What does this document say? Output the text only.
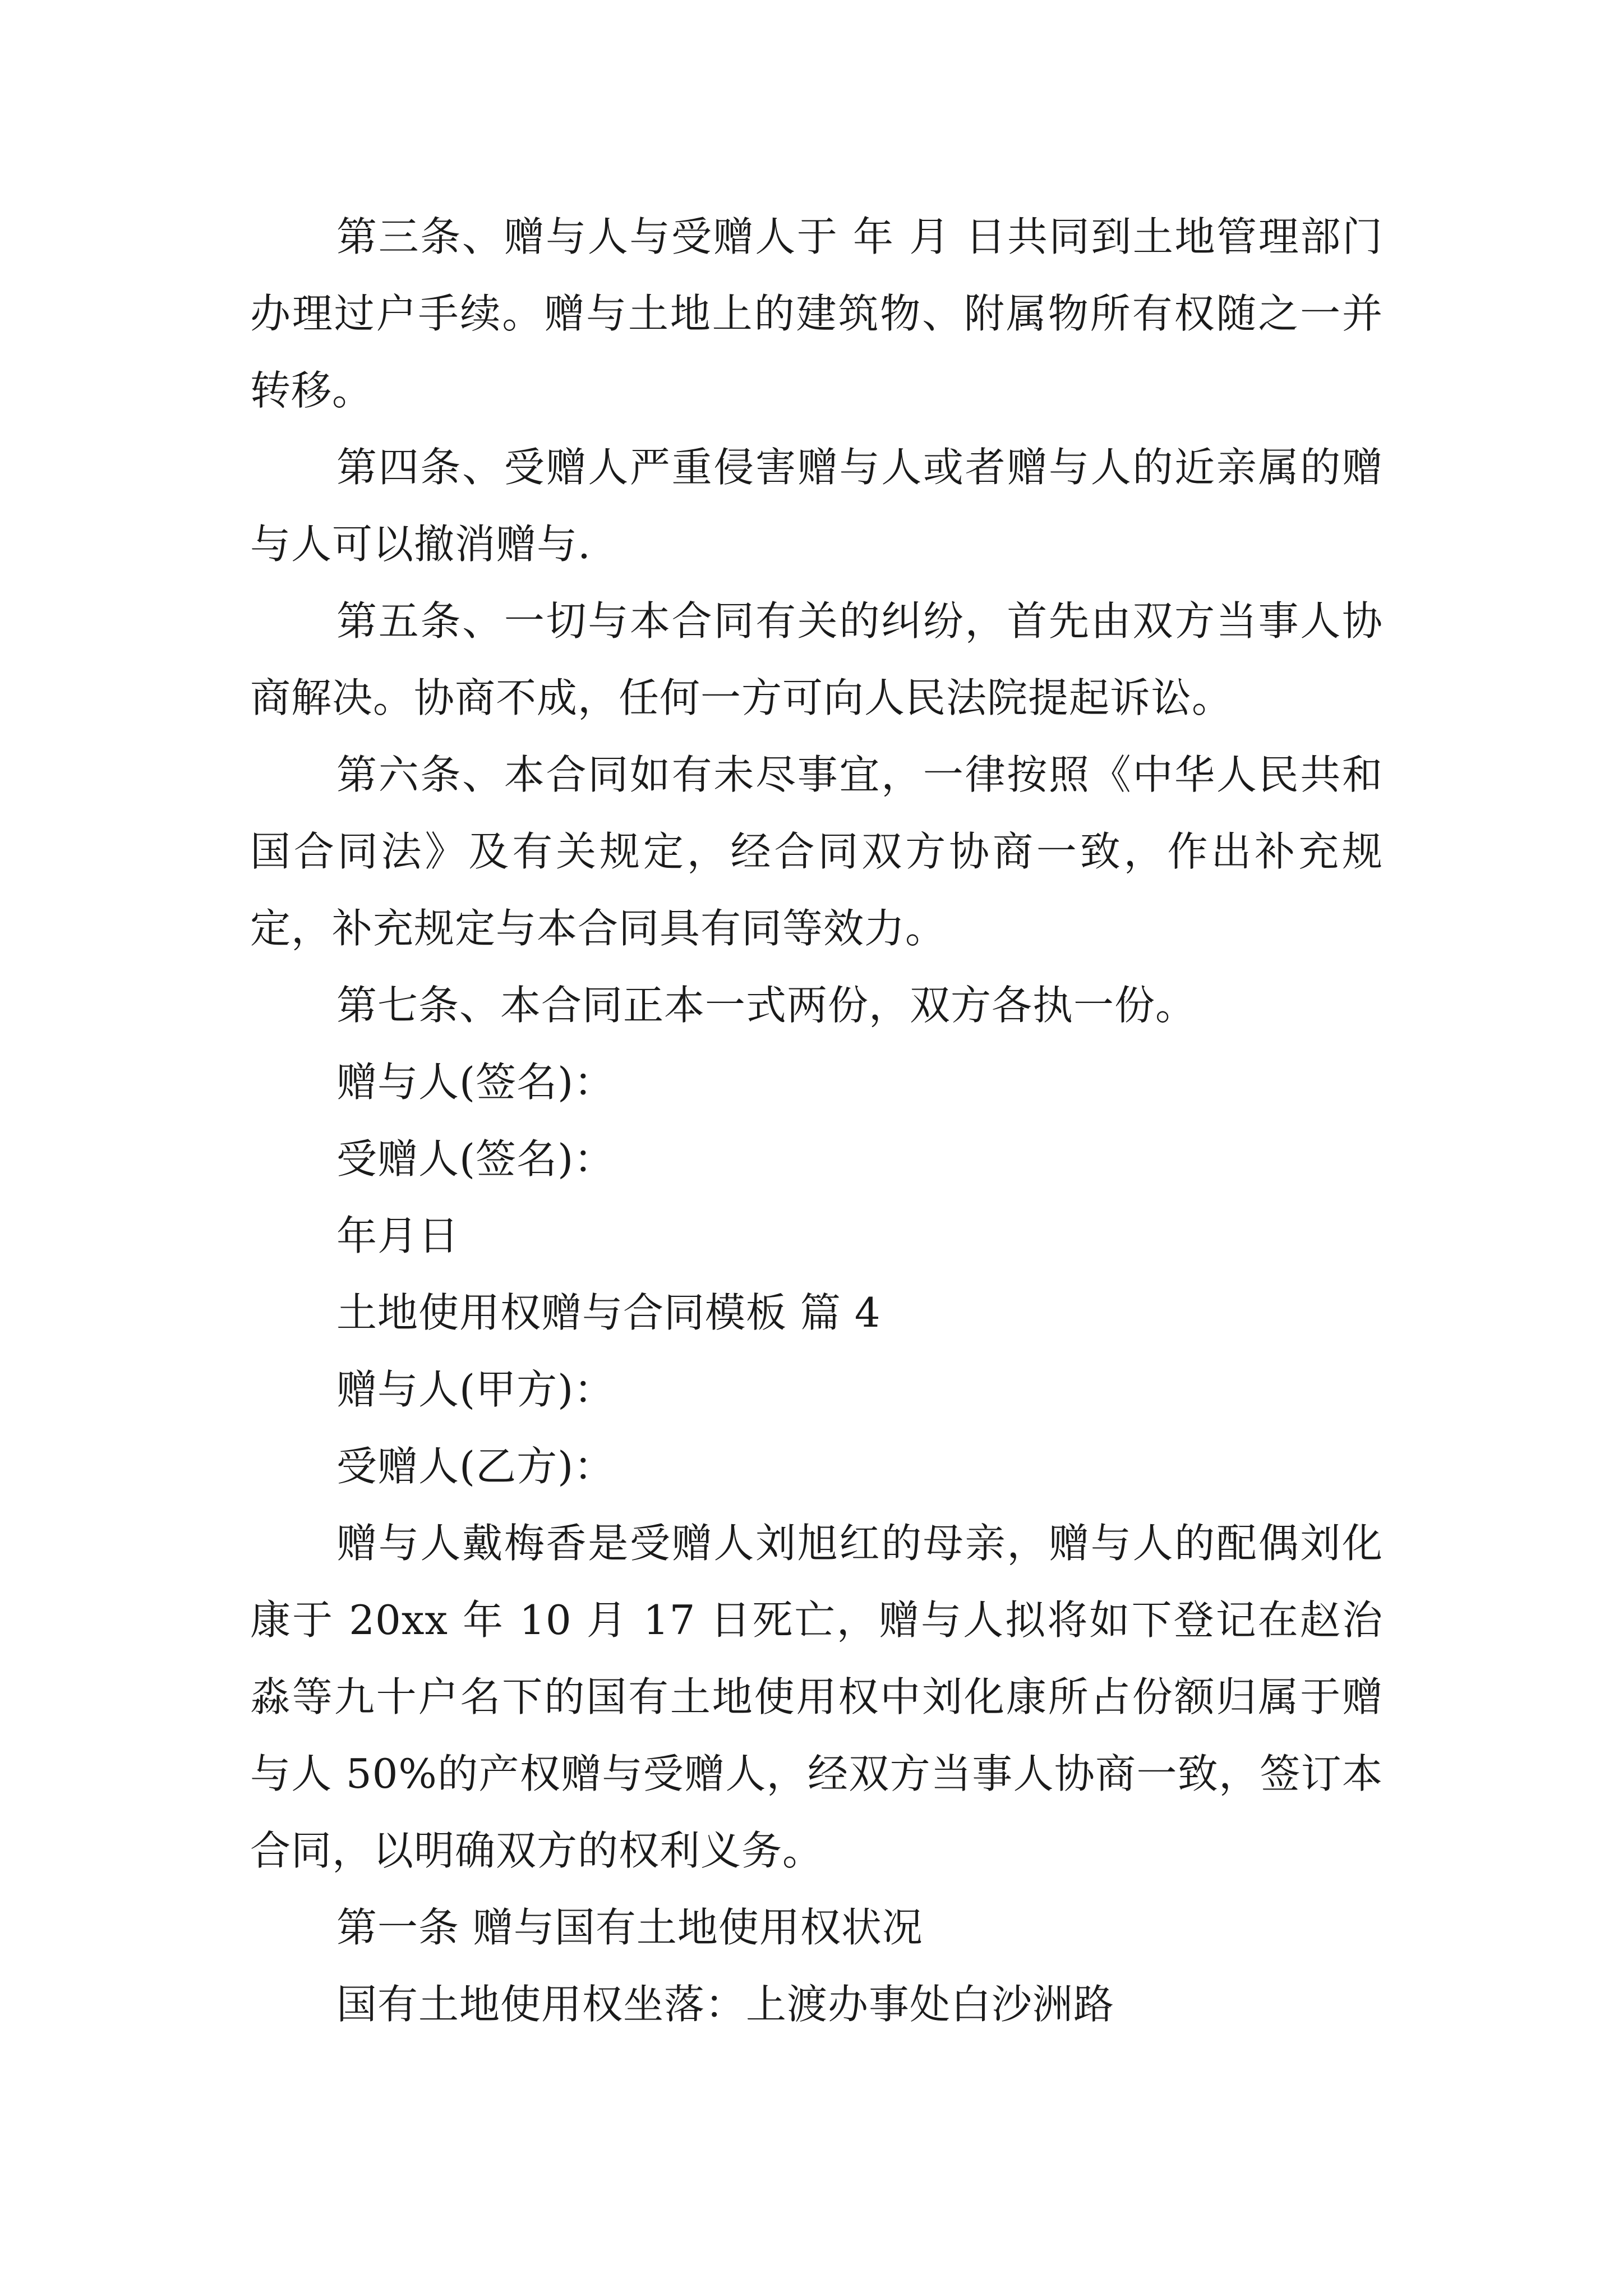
第三条、赠与人与受赠人于 年 月 日共同到土地管理部门办理过户手续。赠与土地上的建筑物、附属物所有权随之一并转移。

第四条、受赠人严重侵害赠与人或者赠与人的近亲属的赠与人可以撤消赠与.

第五条、一切与本合同有关的纠纷，首先由双方当事人协商解决。协商不成，任何一方可向人民法院提起诉讼。

第六条、本合同如有未尽事宜，一律按照《中华人民共和国合同法》及有关规定，经合同双方协商一致，作出补充规定，补充规定与本合同具有同等效力。

第七条、本合同正本一式两份，双方各执一份。

赠与人(签名)：

受赠人(签名)：

年月日

土地使用权赠与合同模板 篇 4

赠与人(甲方)：

受赠人(乙方)：

赠与人戴梅香是受赠人刘旭红的母亲，赠与人的配偶刘化康于 20xx 年 10 月 17 日死亡，赠与人拟将如下登记在赵治淼等九十户名下的国有土地使用权中刘化康所占份额归属于赠与人 50%的产权赠与受赠人，经双方当事人协商一致，签订本合同，以明确双方的权利义务。

第一条 赠与国有土地使用权状况

国有土地使用权坐落：上渡办事处白沙洲路
